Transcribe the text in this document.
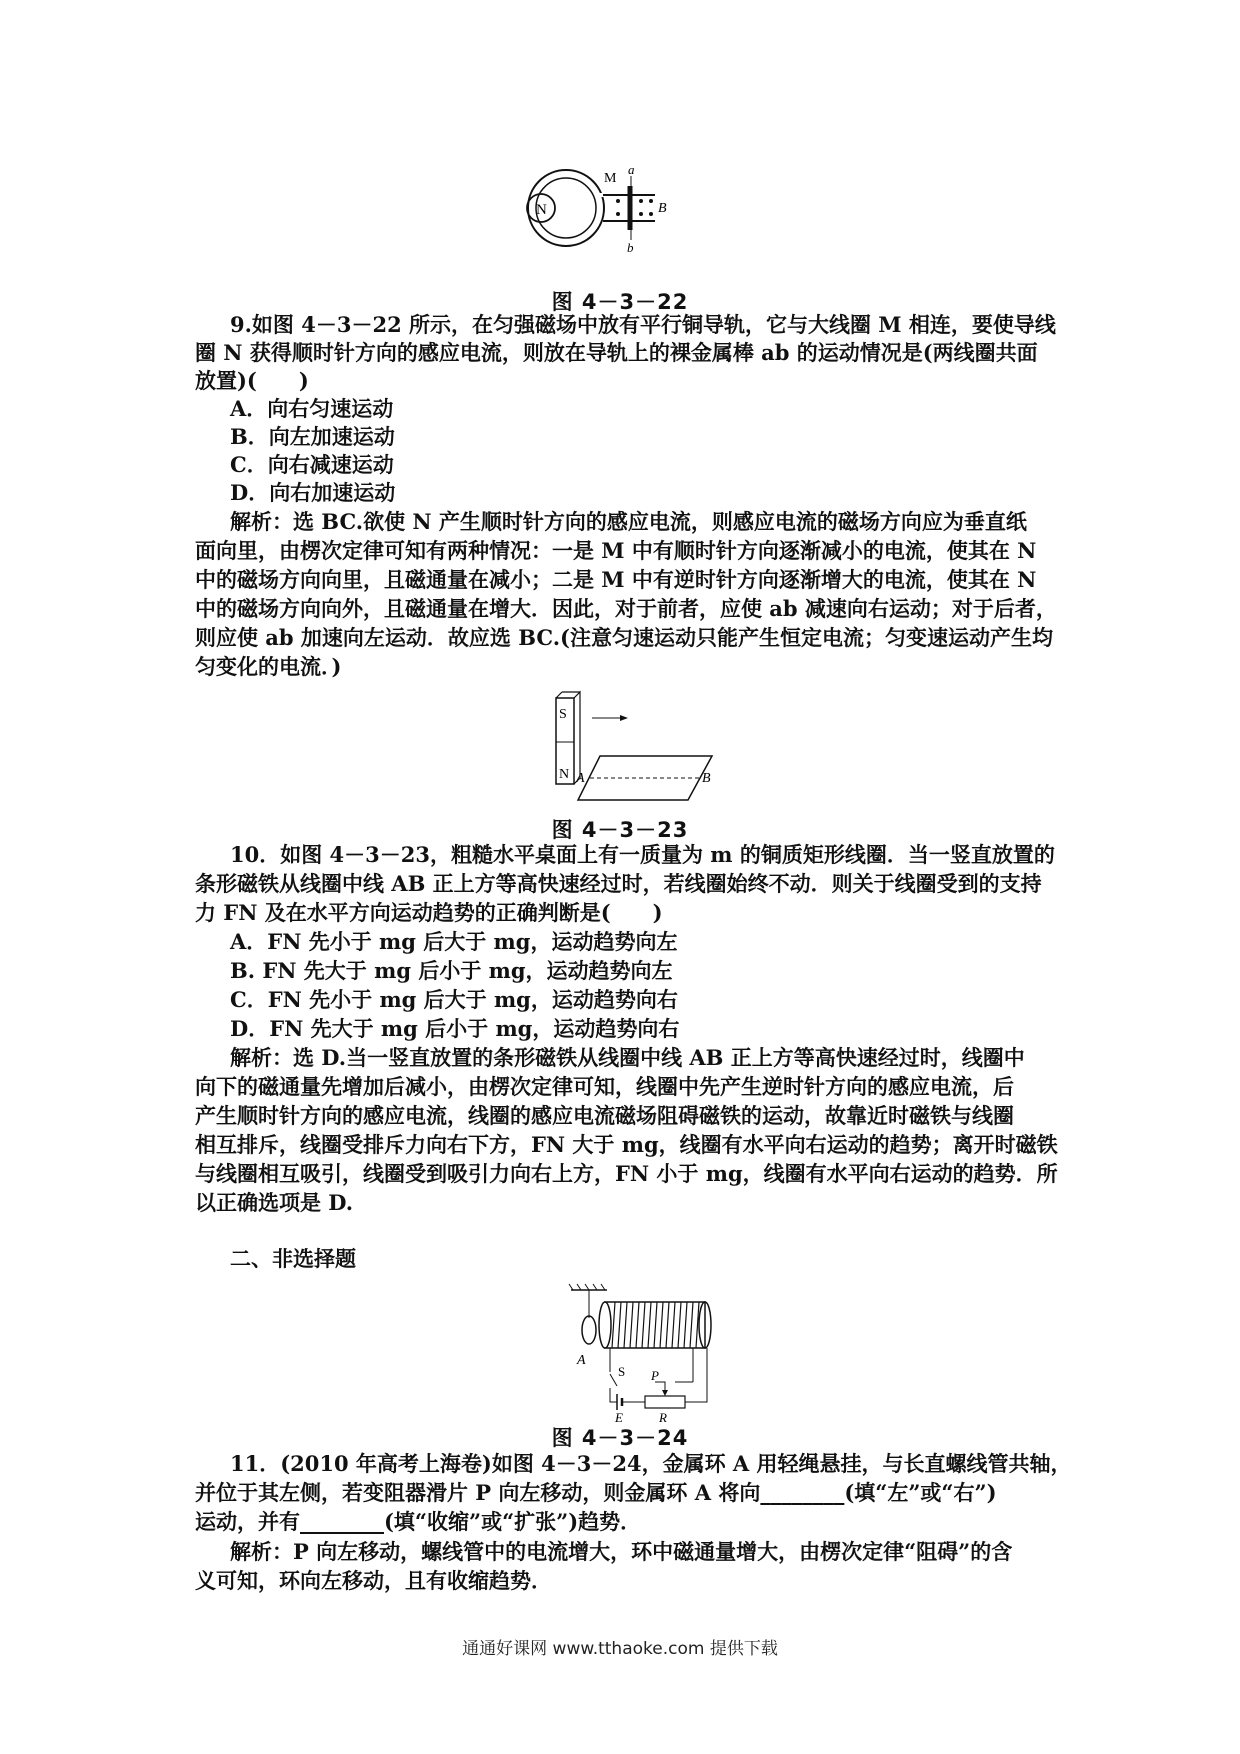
N
M
a
B
b
图 4－3－22
9.如图 4－3－22 所示，在匀强磁场中放有平行铜导轨，它与大线圈 M 相连，要使导线
圈 N 获得顺时针方向的感应电流，则放在导轨上的裸金属棒 ab 的运动情况是(两线圈共面
放置)(　　)
A．向右匀速运动
B．向左加速运动
C．向右减速运动
D．向右加速运动
解析：选 BC.欲使 N 产生顺时针方向的感应电流，则感应电流的磁场方向应为垂直纸
面向里，由楞次定律可知有两种情况：一是 M 中有顺时针方向逐渐减小的电流，使其在 N
中的磁场方向向里，且磁通量在减小；二是 M 中有逆时针方向逐渐增大的电流，使其在 N
中的磁场方向向外，且磁通量在增大．因此，对于前者，应使 ab 减速向右运动；对于后者，
则应使 ab 加速向左运动．故应选 BC.(注意匀速运动只能产生恒定电流；匀变速运动产生均
匀变化的电流．)
S
N A	B
图 4－3－23
10．如图 4－3－23，粗糙水平桌面上有一质量为 m 的铜质矩形线圈．当一竖直放置的
条形磁铁从线圈中线 AB 正上方等高快速经过时，若线圈始终不动．则关于线圈受到的支持
力 FN 及在水平方向运动趋势的正确判断是(　　)
A．FN 先小于 mg 后大于 mg，运动趋势向左
B. FN 先大于 mg 后小于 mg，运动趋势向左
C．FN 先小于 mg 后大于 mg，运动趋势向右
D．FN 先大于 mg 后小于 mg，运动趋势向右
解析：选 D.当一竖直放置的条形磁铁从线圈中线 AB 正上方等高快速经过时，线圈中
向下的磁通量先增加后减小，由楞次定律可知，线圈中先产生逆时针方向的感应电流，后
产生顺时针方向的感应电流，线圈的感应电流磁场阻碍磁铁的运动，故靠近时磁铁与线圈
相互排斥，线圈受排斥力向右下方，FN 大于 mg，线圈有水平向右运动的趋势；离开时磁铁
与线圈相互吸引，线圈受到吸引力向右上方，FN 小于 mg，线圈有水平向右运动的趋势．所
以正确选项是 D.
二、非选择题
A
S
E	R
P
图 4－3－24
11．(2010 年高考上海卷)如图 4－3－24，金属环 A 用轻绳悬挂，与长直螺线管共轴，
并位于其左侧，若变阻器滑片 P 向左移动，则金属环 A 将向________(填“左”或“右”)
运动，并有________(填“收缩”或“扩张”)趋势．
解析：P 向左移动，螺线管中的电流增大，环中磁通量增大，由楞次定律“阻碍”的含
义可知，环向左移动，且有收缩趋势．
通通好课网 www.tthaoke.com 提供下载
